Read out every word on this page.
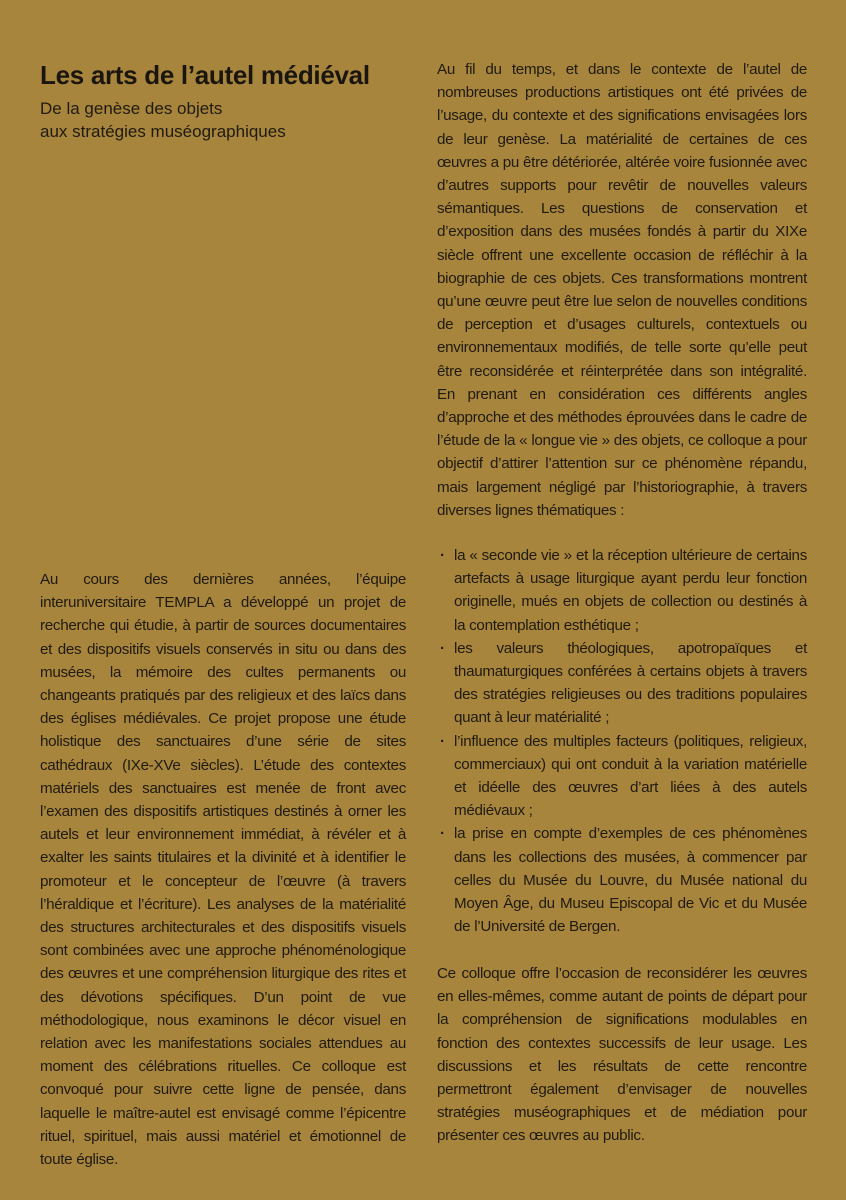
Les arts de l’autel médiéval
De la genèse des objets
aux stratégies muséographiques

Au cours des dernières années, l’équipe interuniversitaire TEMPLA a développé un projet de recherche qui étudie, à partir de sources documentaires et des dispositifs visuels conservés in situ ou dans des musées, la mémoire des cultes permanents ou changeants pratiqués par des religieux et des laïcs dans des églises médiévales. Ce projet propose une étude holistique des sanctuaires d’une série de sites cathédraux (IXe-XVe siècles). L’étude des contextes matériels des sanctuaires est menée de front avec l’examen des dispositifs artistiques destinés à orner les autels et leur environnement immédiat, à révéler et à exalter les saints titulaires et la divinité et à identifier le promoteur et le concepteur de l’œuvre (à travers l’héraldique et l’écriture). Les analyses de la matérialité des structures architecturales et des dispositifs visuels sont combinées avec une approche phénoménologique des œuvres et une compréhension liturgique des rites et des dévotions spécifiques. D’un point de vue méthodologique, nous examinons le décor visuel en relation avec les manifestations sociales attendues au moment des célébrations rituelles. Ce colloque est convoqué pour suivre cette ligne de pensée, dans laquelle le maître-autel est envisagé comme l’épicentre rituel, spirituel, mais aussi matériel et émotionnel de toute église.

Au fil du temps, et dans le contexte de l’autel de nombreuses productions artistiques ont été privées de l’usage, du contexte et des significations envisagées lors de leur genèse. La matérialité de certaines de ces œuvres a pu être détériorée, altérée voire fusionnée avec d’autres supports pour revêtir de nouvelles valeurs sémantiques. Les questions de conservation et d’exposition dans des musées fondés à partir du XIXe siècle offrent une excellente occasion de réfléchir à la biographie de ces objets. Ces transformations montrent qu’une œuvre peut être lue selon de nouvelles conditions de perception et d’usages culturels, contextuels ou environnementaux modifiés, de telle sorte qu’elle peut être reconsidérée et réinterprétée dans son intégralité. En prenant en considération ces différents angles d’approche et des méthodes éprouvées dans le cadre de l’étude de la « longue vie » des objets, ce colloque a pour objectif d’attirer l’attention sur ce phénomène répandu, mais largement négligé par l’historiographie, à travers diverses lignes thématiques :

· la « seconde vie » et la réception ultérieure de certains artefacts à usage liturgique ayant perdu leur fonction originelle, mués en objets de collection ou destinés à la contemplation esthétique ;
· les valeurs théologiques, apotropaïques et thaumaturgiques conférées à certains objets à travers des stratégies religieuses ou des traditions populaires quant à leur matérialité ;
· l’influence des multiples facteurs (politiques, religieux, commerciaux) qui ont conduit à la variation matérielle et idéelle des œuvres d’art liées à des autels médiévaux ;
· la prise en compte d’exemples de ces phénomènes dans les collections des musées, à commencer par celles du Musée du Louvre, du Musée national du Moyen Âge, du Museu Episcopal de Vic et du Musée de l’Université de Bergen.

Ce colloque offre l’occasion de reconsidérer les œuvres en elles-mêmes, comme autant de points de départ pour la compréhension de significations modulables en fonction des contextes successifs de leur usage. Les discussions et les résultats de cette rencontre permettront également d’envisager de nouvelles stratégies muséographiques et de médiation pour présenter ces œuvres au public.
